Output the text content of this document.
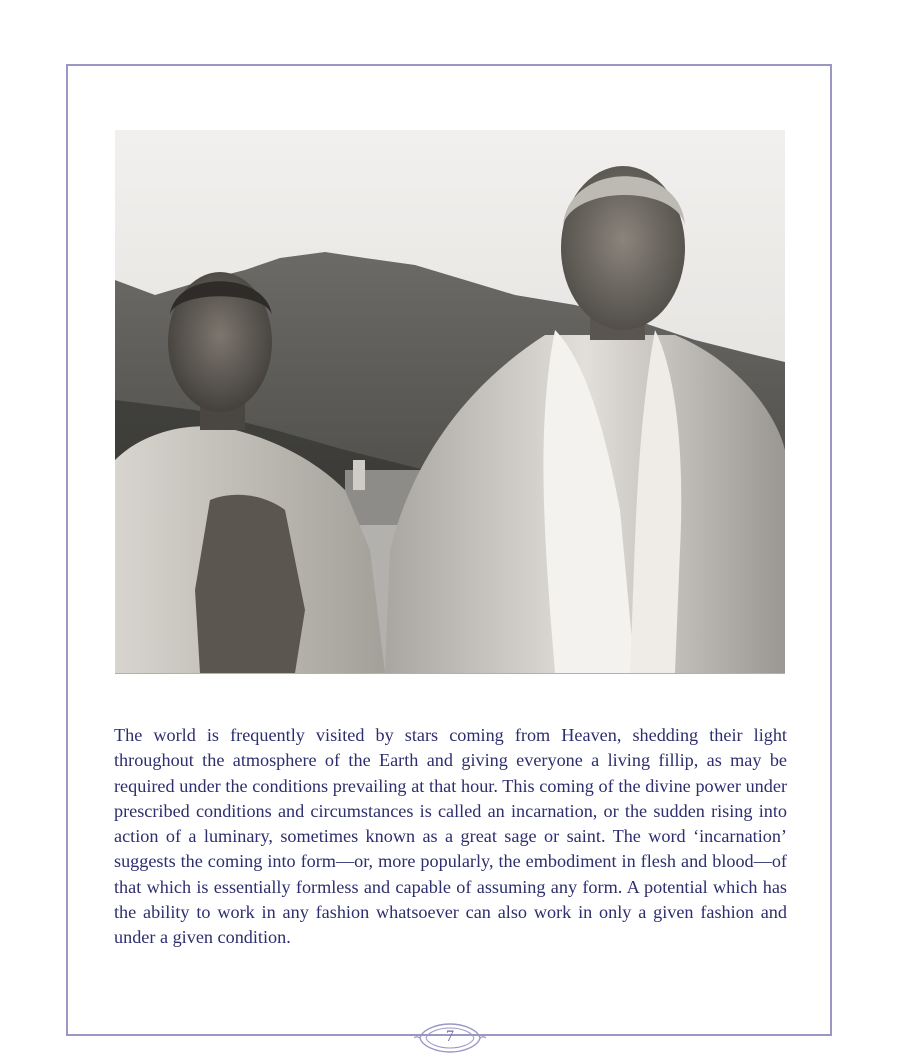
The world is frequently visited by stars coming from Heaven, shedding their light throughout the atmosphere of the Earth and giving everyone a living fillip, as may be required under the conditions prevailing at that hour. This coming of the divine power under prescribed conditions and circumstances is called an incarnation, or the sudden rising into action of a luminary, sometimes known as a great sage or saint. The word ‘incarnation’ suggests the coming into form—or, more popularly, the embodiment in flesh and blood—of that which is essentially formless and capable of assuming any form. A potential which has the ability to work in any fashion whatsoever can also work in only a given fashion and under a given condition.

7
